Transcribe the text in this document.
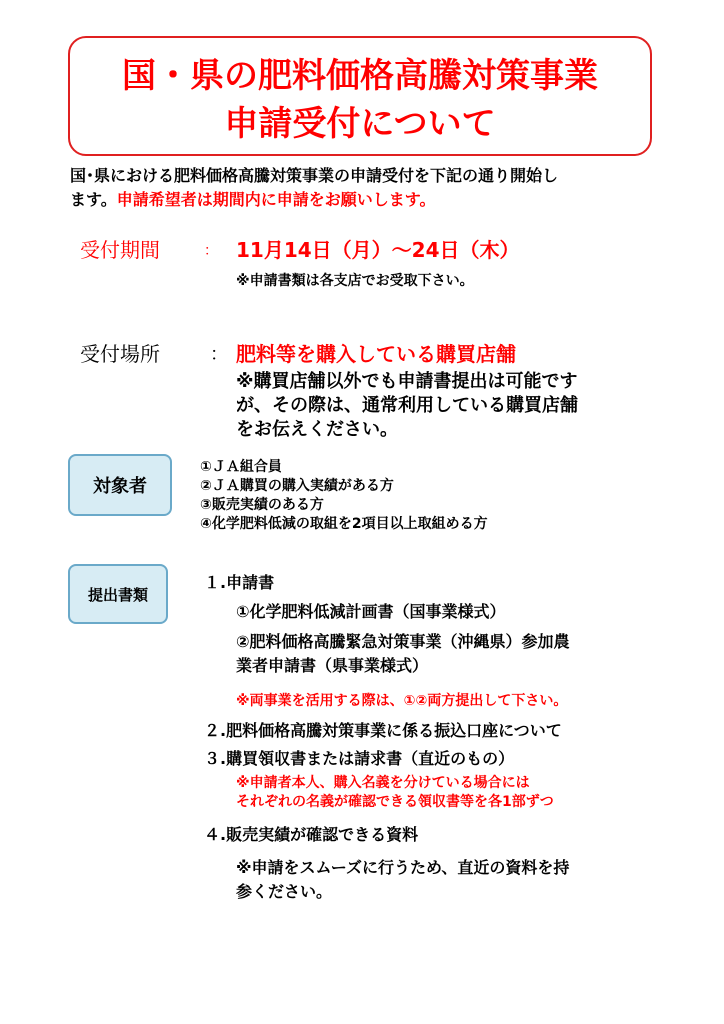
国・県の肥料価格高騰対策事業
申請受付について
国･県における肥料価格高騰対策事業の申請受付を下記の通り開始し
ます。申請希望者は期間内に申請をお願いします。
受付期間	： 11月14日（月）～24日（木）
※申請書類は各支店でお受取下さい。
受付場所	： 肥料等を購入している購買店舗
※購買店舗以外でも申請書提出は可能です
が、その際は、通常利用している購買店舗
をお伝えください。
対象者
①ＪＡ組合員
②ＪＡ購買の購入実績がある方
③販売実績のある方
④化学肥料低減の取組を2項目以上取組める方
提出書類
１.申請書
①化学肥料低減計画書（国事業様式）
②肥料価格高騰緊急対策事業（沖縄県）参加農
業者申請書（県事業様式）
※両事業を活用する際は、①②両方提出して下さい。
２.肥料価格高騰対策事業に係る振込口座について
３.購買領収書または請求書（直近のもの）
※申請者本人、購入名義を分けている場合には
それぞれの名義が確認できる領収書等を各1部ずつ
４.販売実績が確認できる資料
※申請をスムーズに行うため、直近の資料を持
参ください。
